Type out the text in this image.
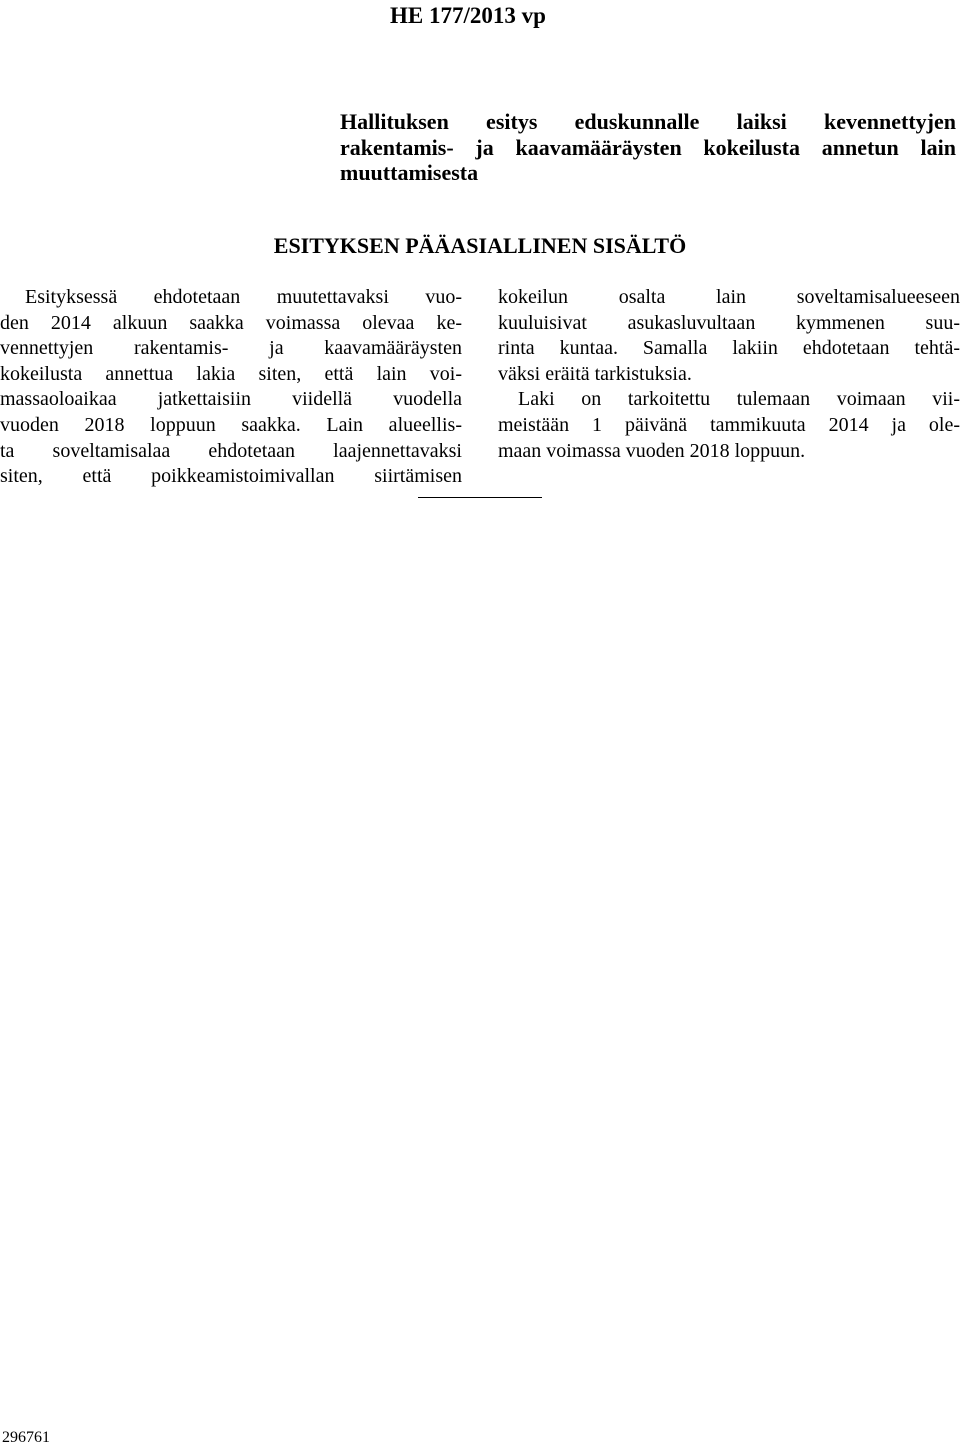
HE 177/2013 vp
Hallituksen esitys eduskunnalle laiksi kevennettyjen
rakentamis- ja kaavamääräysten kokeilusta annetun lain
muuttamisesta
ESITYKSEN PÄÄASIALLINEN SISÄLTÖ
Esityksessä ehdotetaan muutettavaksi vuo-
den 2014 alkuun saakka voimassa olevaa ke-
vennettyjen rakentamis- ja kaavamääräysten
kokeilusta annettua lakia siten, että lain voi-
massaoloaikaa jatkettaisiin viidellä vuodella
vuoden 2018 loppuun saakka. Lain alueellis-
ta soveltamisalaa ehdotetaan laajennettavaksi
siten, että poikkeamistoimivallan siirtämisen
kokeilun osalta lain soveltamisalueeseen
kuuluisivat asukasluvultaan kymmenen suu-
rinta kuntaa. Samalla lakiin ehdotetaan tehtä-
väksi eräitä tarkistuksia.
Laki on tarkoitettu tulemaan voimaan vii-
meistään 1 päivänä tammikuuta 2014 ja ole-
maan voimassa vuoden 2018 loppuun.
296761
